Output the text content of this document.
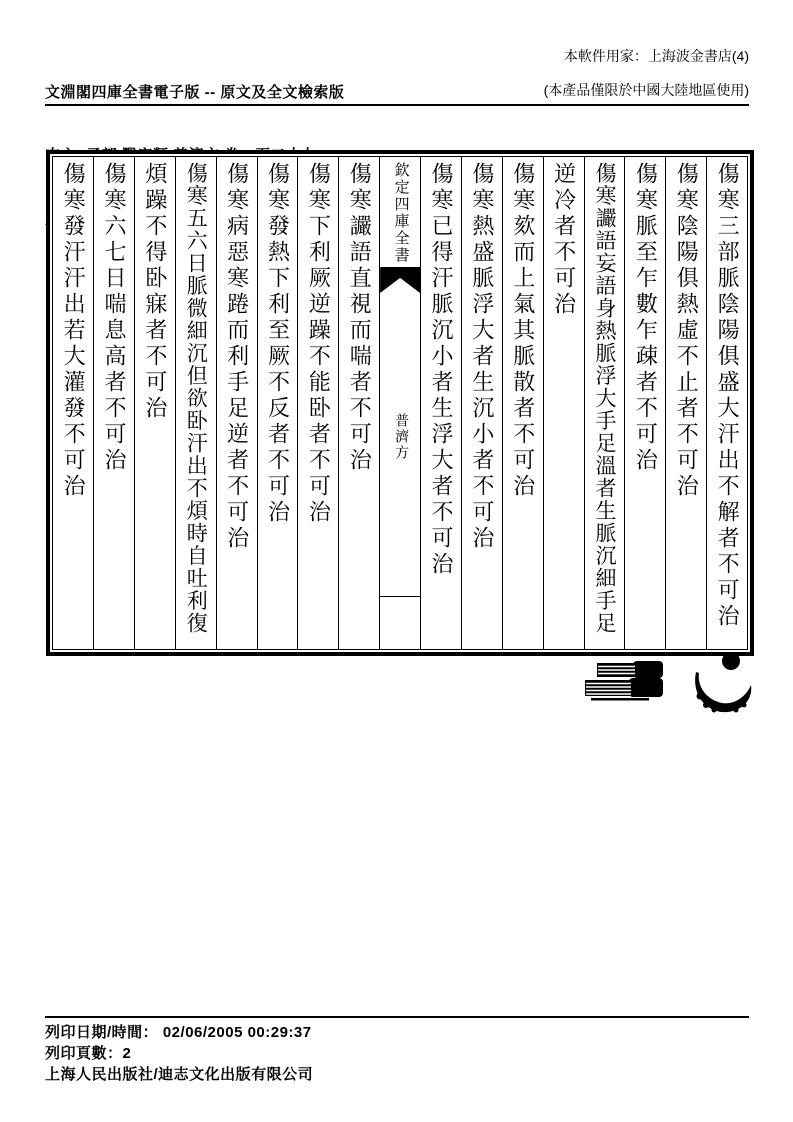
文淵閣四庫全書電子版 -- 原文及全文檢索版

本軟件用家：上海波金書店(4)
(本產品僅限於中國大陸地區使用)
傷寒三部脈陰陽俱盛大汗出不解者不可治
傷寒陰陽俱熱虛不止者不可治
傷寒脈至乍數乍疎者不可治
傷寒讝語妄語身熱脈浮大手足溫者生脈沉細手足
逆冷者不可治
傷寒欬而上氣其脈散者不可治
傷寒熱盛脈浮大者生沉小者不可治
傷寒已得汗脈沉小者生浮大者不可治
欽定四庫全書
普濟方
傷寒讝語直視而喘者不可治
傷寒下利厥逆躁不能卧者不可治
傷寒發熱下利至厥不反者不可治
傷寒病惡寒踡而利手足逆者不可治
傷寒五六日脈微細沉但欲卧汗出不煩時自吐利復
煩躁不得卧寐者不可治
傷寒六七日喘息高者不可治
傷寒發汗汗出若大灌發不可治
列印日期/時間： 02/06/2005 00:29:37
列印頁數：2
上海人民出版社/迪志文化出版有限公司
